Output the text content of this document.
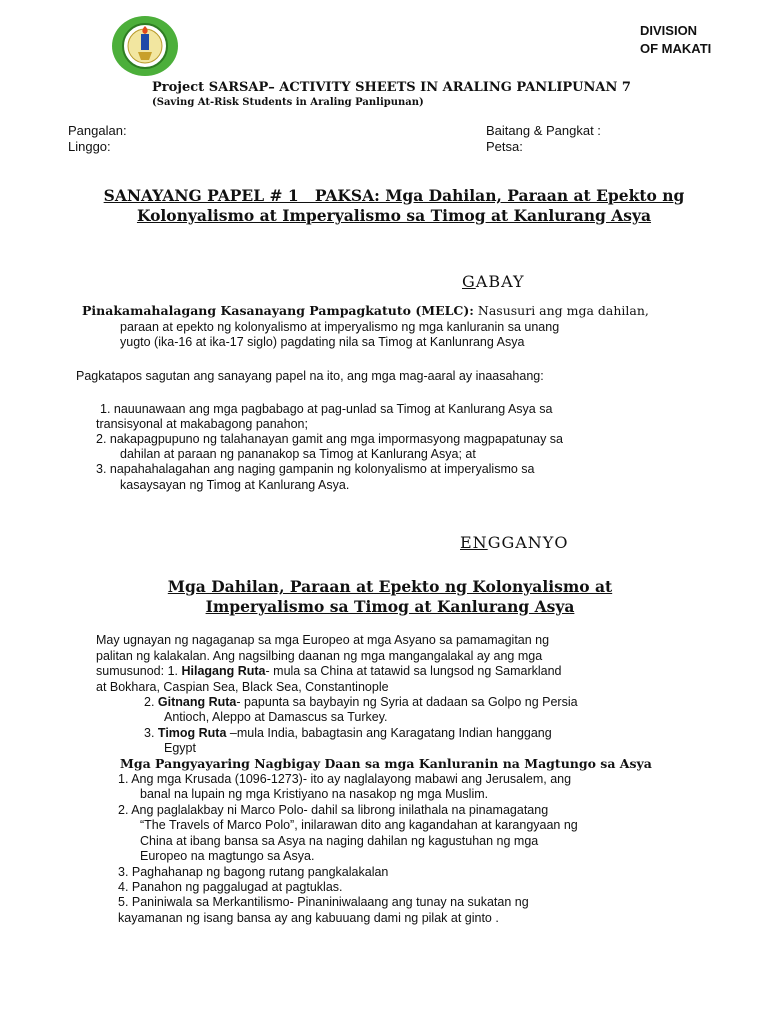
DIVISION
OF MAKATI
Project SARSAP– ACTIVITY SHEETS IN ARALING PANLIPUNAN 7
(Saving At-Risk Students in Araling Panlipunan)
Pangalan:
Linggo:
Baitang & Pangkat :
Petsa:
SANAYANG PAPEL # 1   PAKSA: Mga Dahilan, Paraan at Epekto ng
Kolonyalismo at Imperyalismo sa Timog at Kanlurang Asya
GABAY
Pinakamahalagang Kasanayang Pampagkatuto (MELC): Nasusuri ang mga dahilan,
paraan at epekto ng kolonyalismo at imperyalismo ng mga kanluranin sa unang
yugto (ika-16 at ika-17 siglo) pagdating nila sa Timog at Kanlunrang Asya
Pagkatapos sagutan ang sanayang papel na ito, ang mga mag-aaral ay inaasahang:
1. nauunawaan ang mga pagbabago at pag-unlad sa Timog at Kanlurang Asya sa
transisyonal at makabagong panahon;
2. nakapagpupuno ng talahanayan gamit ang mga impormasyong magpapatunay sa
dahilan at paraan ng pananakop sa Timog at Kanlurang Asya; at
3. napahahalagahan ang naging gampanin ng kolonyalismo at imperyalismo sa
kasaysayan ng Timog at Kanlurang Asya.
ENGGANYO
Mga Dahilan, Paraan at Epekto ng Kolonyalismo at
Imperyalismo sa Timog at Kanlurang Asya
May ugnayan ng nagaganap sa mga Europeo at mga Asyano sa pamamagitan ng
palitan ng kalakalan. Ang nagsilbing daanan ng mga mangangalakal ay ang mga
sumusunod: 1. Hilagang Ruta- mula sa China at tatawid sa lungsod ng Samarkland
at Bokhara, Caspian Sea, Black Sea, Constantinople
2. Gitnang Ruta- papunta sa baybayin ng Syria at dadaan sa Golpo ng Persia
Antioch, Aleppo at Damascus sa Turkey.
3. Timog Ruta –mula India, babagtasin ang Karagatang Indian hanggang
Egypt
Mga Pangyayaring Nagbigay Daan sa mga Kanluranin na Magtungo sa Asya
1. Ang mga Krusada (1096-1273)- ito ay naglalayong mabawi ang Jerusalem, ang
banal na lupain ng mga Kristiyano na nasakop ng mga Muslim.
2. Ang paglalakbay ni Marco Polo- dahil sa librong inilathala na pinamagatang
“The Travels of Marco Polo”, inilarawan dito ang kagandahan at karangyaan ng
China at ibang bansa sa Asya na naging dahilan ng kagustuhan ng mga
Europeo na magtungo sa Asya.
3. Paghahanap ng bagong rutang pangkalakalan
4. Panahon ng paggalugad at pagtuklas.
5. Paniniwala sa Merkantilismo- Pinaniniwalaang ang tunay na sukatan ng
kayamanan ng isang bansa ay ang kabuuang dami ng pilak at ginto .
